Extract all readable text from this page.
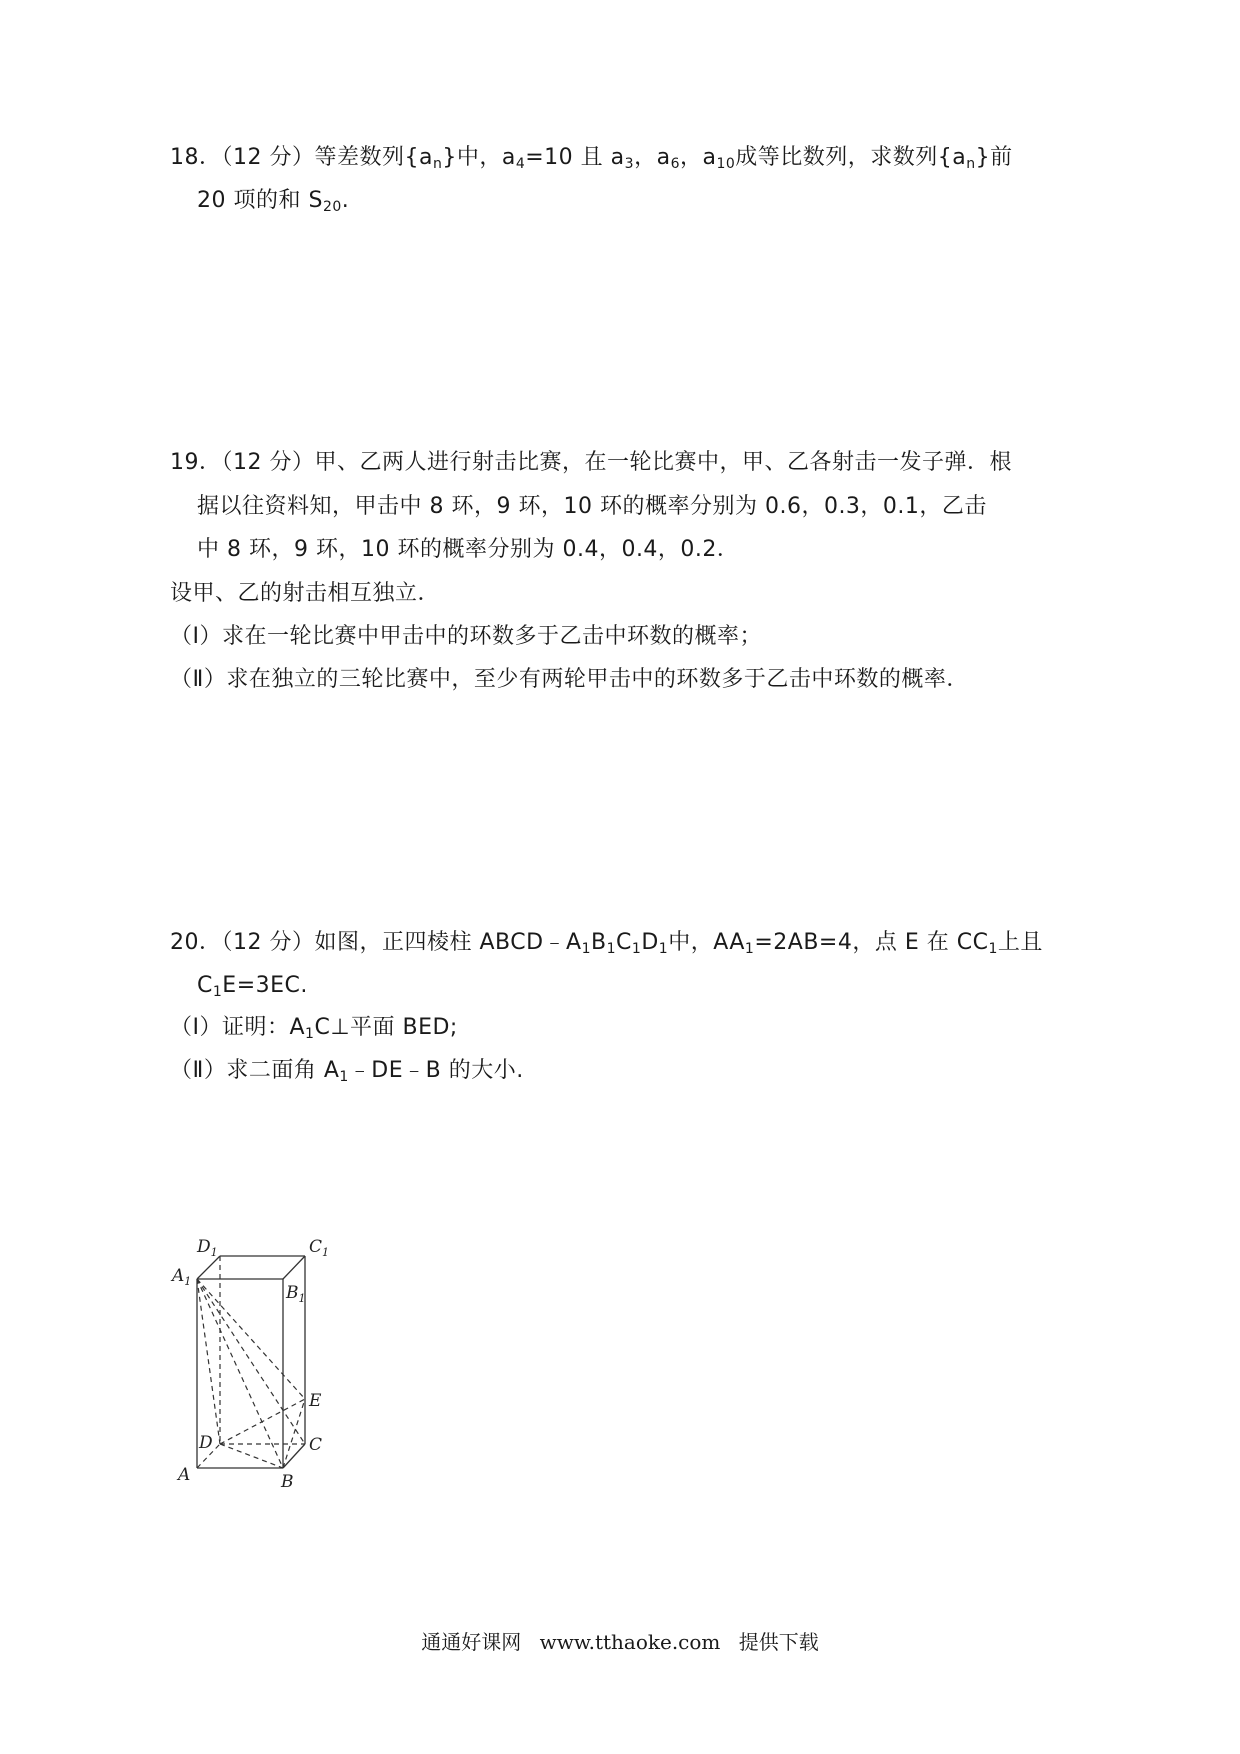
18．（12 分）等差数列$\{a_n\}$中，$a_4=10$ 且 $a_3$，$a_6$，$a_{10}$成等比数列，求数列$\{a_n\}$前
20 项的和 $S_{20}$.
19．（12 分）甲、乙两人进行射击比赛，在一轮比赛中，甲、乙各射击一发子弹．根
据以往资料知，甲击中 8 环，9 环，10 环的概率分别为 0.6，0.3，0.1，乙击
中 8 环，9 环，10 环的概率分别为 0.4，0.4，0.2．
设甲、乙的射击相互独立．
（Ⅰ）求在一轮比赛中甲击中的环数多于乙击中环数的概率；
（Ⅱ）求在独立的三轮比赛中，至少有两轮甲击中的环数多于乙击中环数的概率．
20．（12 分）如图，正四棱柱 $ABCD﹣A_1B_1C_1D_1$中，$AA_1=2AB=4$，点 E 在 $CC_1$上且
$C_1E=3EC$.
（Ⅰ）证明：$A_1C\perp$平面 BED;
（Ⅱ）求二面角 $A_1﹣DE﹣B$ 的大小.
$D_1$	$C_1$
$A_1$
$B_1$
E
D	C
A	B
通通好课网 www.tthaoke.com 提供下载
